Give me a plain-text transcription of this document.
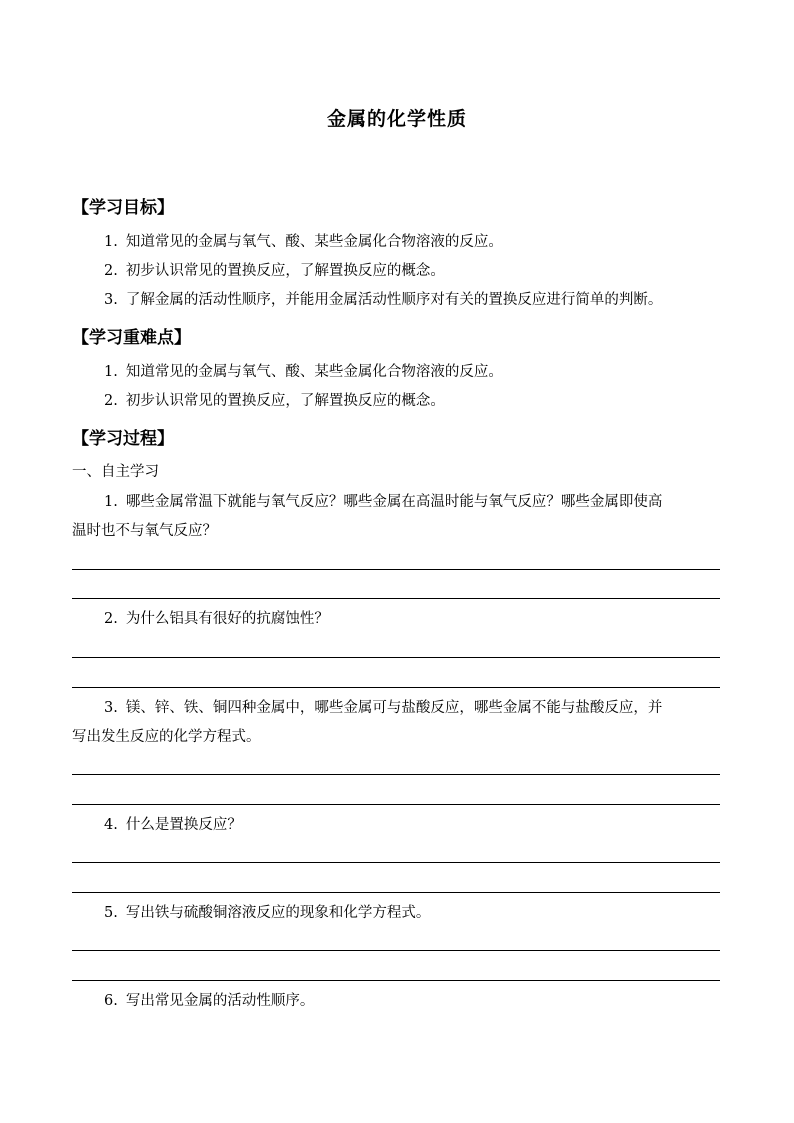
金属的化学性质
【学习目标】
1. 知道常见的金属与氧气、酸、某些金属化合物溶液的反应。
2. 初步认识常见的置换反应，了解置换反应的概念。
3. 了解金属的活动性顺序，并能用金属活动性顺序对有关的置换反应进行简单的判断。
【学习重难点】
1. 知道常见的金属与氧气、酸、某些金属化合物溶液的反应。
2. 初步认识常见的置换反应，了解置换反应的概念。
【学习过程】
一、自主学习
1. 哪些金属常温下就能与氧气反应？哪些金属在高温时能与氧气反应？哪些金属即使高
温时也不与氧气反应？
2. 为什么铝具有很好的抗腐蚀性？
3. 镁、锌、铁、铜四种金属中，哪些金属可与盐酸反应，哪些金属不能与盐酸反应，并
写出发生反应的化学方程式。
4. 什么是置换反应？
5. 写出铁与硫酸铜溶液反应的现象和化学方程式。
6. 写出常见金属的活动性顺序。
